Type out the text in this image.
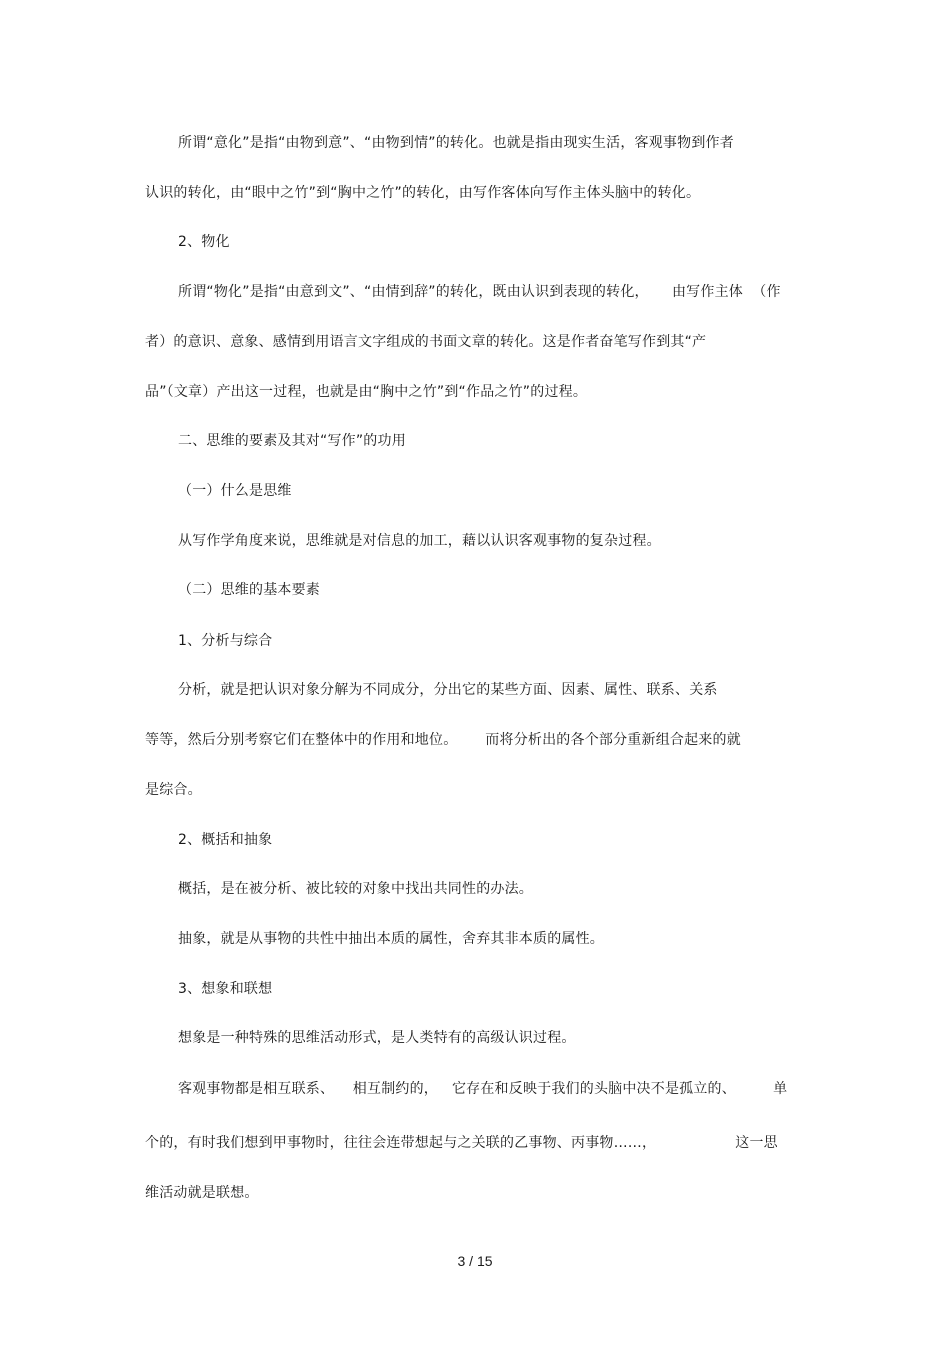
所谓“意化”是指“由物到意”、“由物到情”的转化。也就是指由现实生活，客观事物到作者
认识的转化，由“眼中之竹”到“胸中之竹”的转化，由写作客体向写作主体头脑中的转化。
2、物化
所谓“物化”是指“由意到文”、“由情到辞”的转化，既由认识到表现的转化，     由写作主体  （作
者）的意识、意象、感情到用语言文字组成的书面文章的转化。这是作者奋笔写作到其“产
品”（文章）产出这一过程，也就是由“胸中之竹”到“作品之竹”的过程。
二、思维的要素及其对“写作”的功用
（一）什么是思维
从写作学角度来说，思维就是对信息的加工，藉以认识客观事物的复杂过程。
（二）思维的基本要素
1、分析与综合
分析，就是把认识对象分解为不同成分，分出它的某些方面、因素、属性、联系、关系
等等，然后分别考察它们在整体中的作用和地位。      而将分析出的各个部分重新组合起来的就
是综合。
2、概括和抽象
概括，是在被分析、被比较的对象中找出共同性的办法。
抽象，就是从事物的共性中抽出本质的属性，舍弃其非本质的属性。
3、想象和联想
想象是一种特殊的思维活动形式，是人类特有的高级认识过程。
客观事物都是相互联系、    相互制约的，   它存在和反映于我们的头脑中决不是孤立的、        单
个的，有时我们想到甲事物时，往往会连带想起与之关联的乙事物、丙事物……，                 这一思
维活动就是联想。
3 / 15
